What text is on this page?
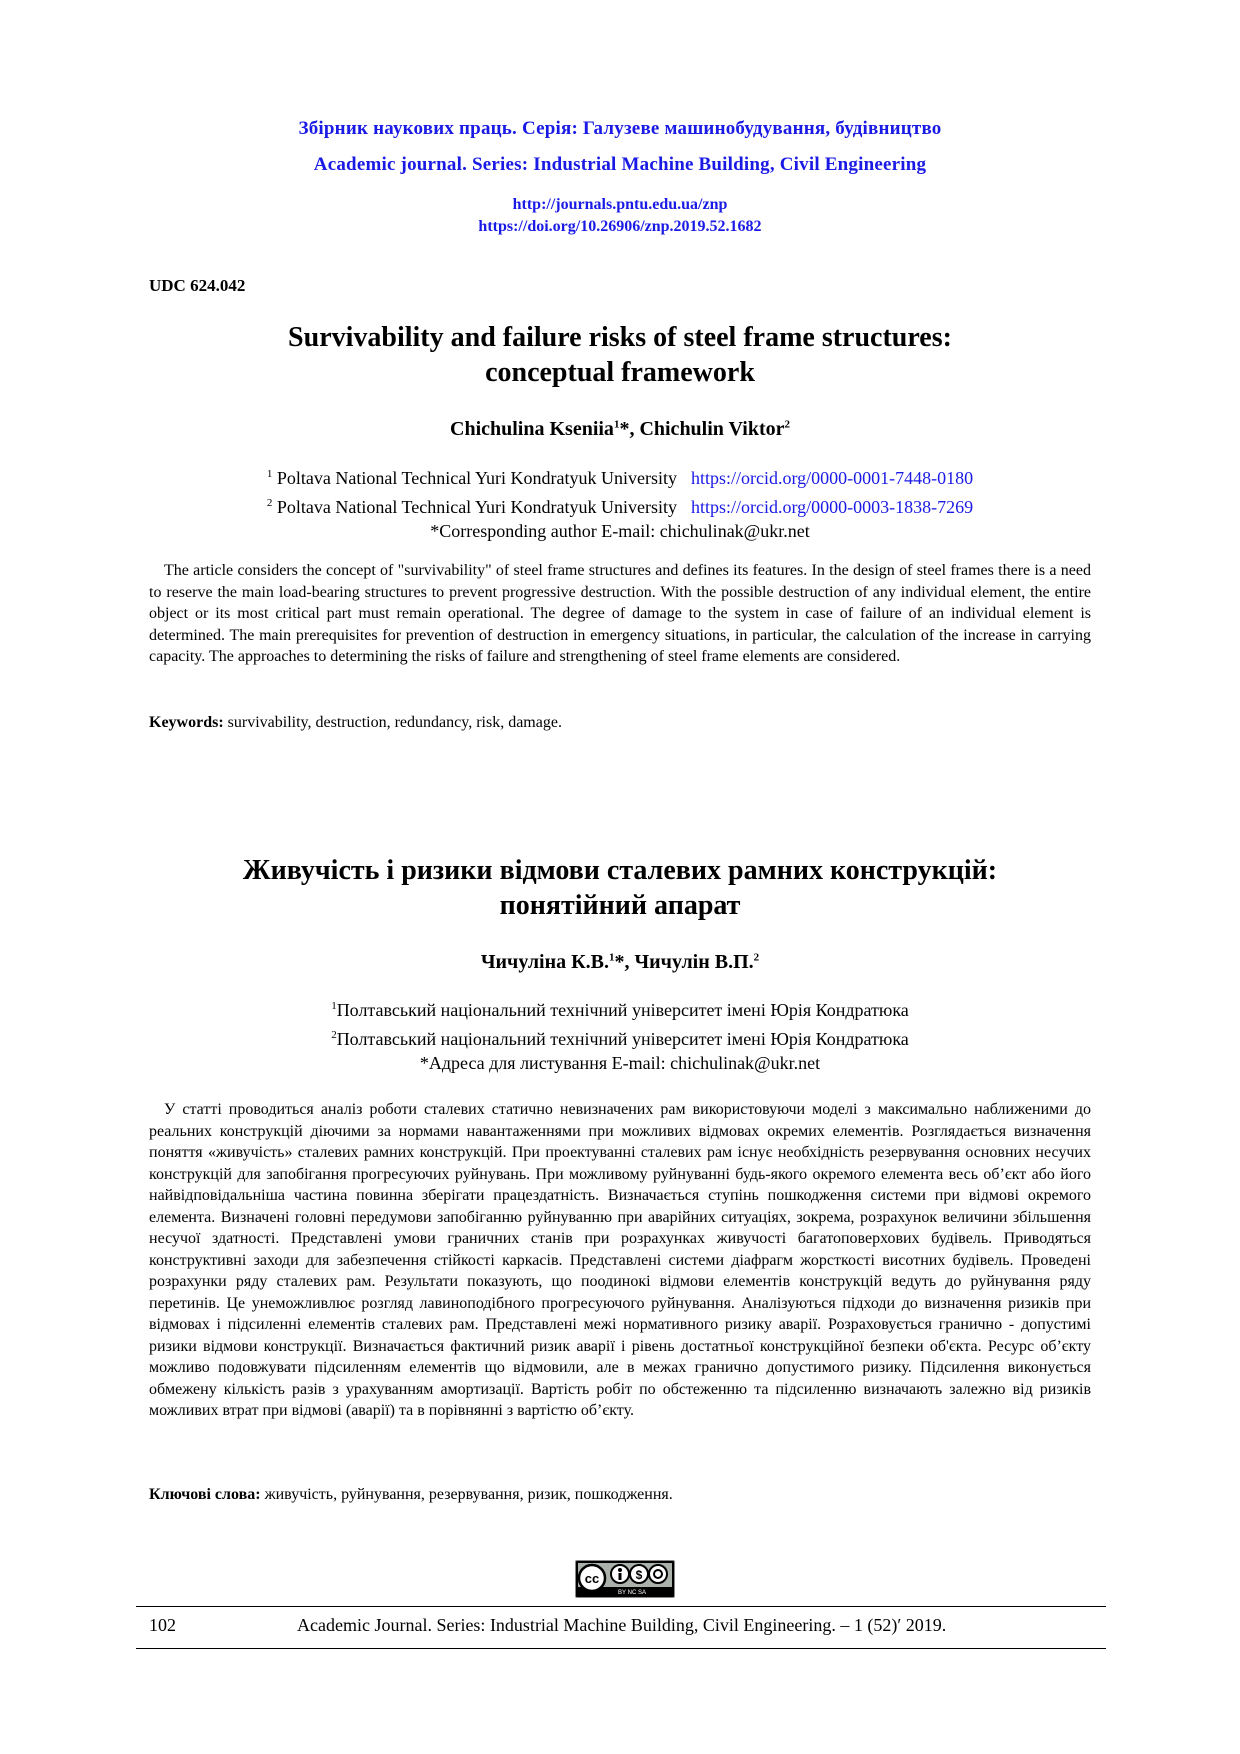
Збірник наукових праць. Серія: Галузеве машинобудування, будівництво
Academic journal. Series: Industrial Machine Building, Civil Engineering
http://journals.pntu.edu.ua/znp
https://doi.org/10.26906/znp.2019.52.1682
UDC 624.042
Survivability and failure risks of steel frame structures:
conceptual framework
Chichulina Kseniia$^1$*, Chichulin Viktor$^2$
$^1$ Poltava National Technical Yuri Kondratyuk University https://orcid.org/0000-0001-7448-0180
$^2$ Poltava National Technical Yuri Kondratyuk University https://orcid.org/0000-0003-1838-7269
*Corresponding author E-mail: chichulinak@ukr.net
The article considers the concept of "survivability" of steel frame structures and defines its features. In the design of steel frames there is a need to reserve the main load-bearing structures to prevent progressive destruction. With the possible destruction of any individual element, the entire object or its most critical part must remain operational. The degree of damage to the system in case of failure of an individual element is determined. The main prerequisites for prevention of destruction in emergency situations, in particular, the calculation of the increase in carrying capacity. The approaches to determining the risks of failure and strengthening of steel frame elements are considered.
Keywords: survivability, destruction, redundancy, risk, damage.
Живучість і ризики відмови сталевих рамних конструкцій:
понятійний апарат
Чичуліна К.В.$^1$*, Чичулін В.П.$^2$
$^1$Полтавський національний технічний університет імені Юрія Кондратюка
$^2$Полтавський національний технічний університет імені Юрія Кондратюка
*Адреса для листування E-mail: chichulinak@ukr.net
У статті проводиться аналіз роботи сталевих статично невизначених рам використовуючи моделі з максимально наближеними до реальних конструкцій діючими за нормами навантаженнями при можливих відмовах окремих елементів. Розглядається визначення поняття «живучість» сталевих рамних конструкцій. При проектуванні сталевих рам існує необхідність резервування основних несучих конструкцій для запобігання прогресуючих руйнувань. При можливому руйнуванні будь-якого окремого елемента весь об’єкт або його найвідповідальніша частина повинна зберігати працездатність. Визначається ступінь пошкодження системи при відмові окремого елемента. Визначені головні передумови запобіганню руйнуванню при аварійних ситуаціях, зокрема, розрахунок величини збільшення несучої здатності. Представлені умови граничних станів при розрахунках живучості багатоповерхових будівель. Приводяться конструктивні заходи для забезпечення стійкості каркасів. Представлені системи діафрагм жорсткості висотних будівель. Проведені розрахунки ряду сталевих рам. Результати показують, що поодинокі відмови елементів конструкцій ведуть до руйнування ряду перетинів. Це унеможливлює розгляд лавиноподібного прогресуючого руйнування. Аналізуються підходи до визначення ризиків при відмовах і підсиленні елементів сталевих рам. Представлені межі нормативного ризику аварії. Розраховується гранично - допустимі ризики відмови конструкції. Визначається фактичний ризик аварії і рівень достатньої конструкційної безпеки об'єкта. Ресурс об’єкту можливо подовжувати підсиленням елементів що відмовили, але в межах гранично допустимого ризику. Підсилення виконується обмежену кількість разів з урахуванням амортизації. Вартість робіт по обстеженню та підсиленню визначають залежно від ризиків можливих втрат при відмові (аварії) та в порівнянні з вартістю об’єкту.
Ключові слова: живучість, руйнування, резервування, ризик, пошкодження.
cc	$
BY NC SA
102	Academic Journal. Series: Industrial Machine Building, Civil Engineering. – 1 (52)′ 2019.
